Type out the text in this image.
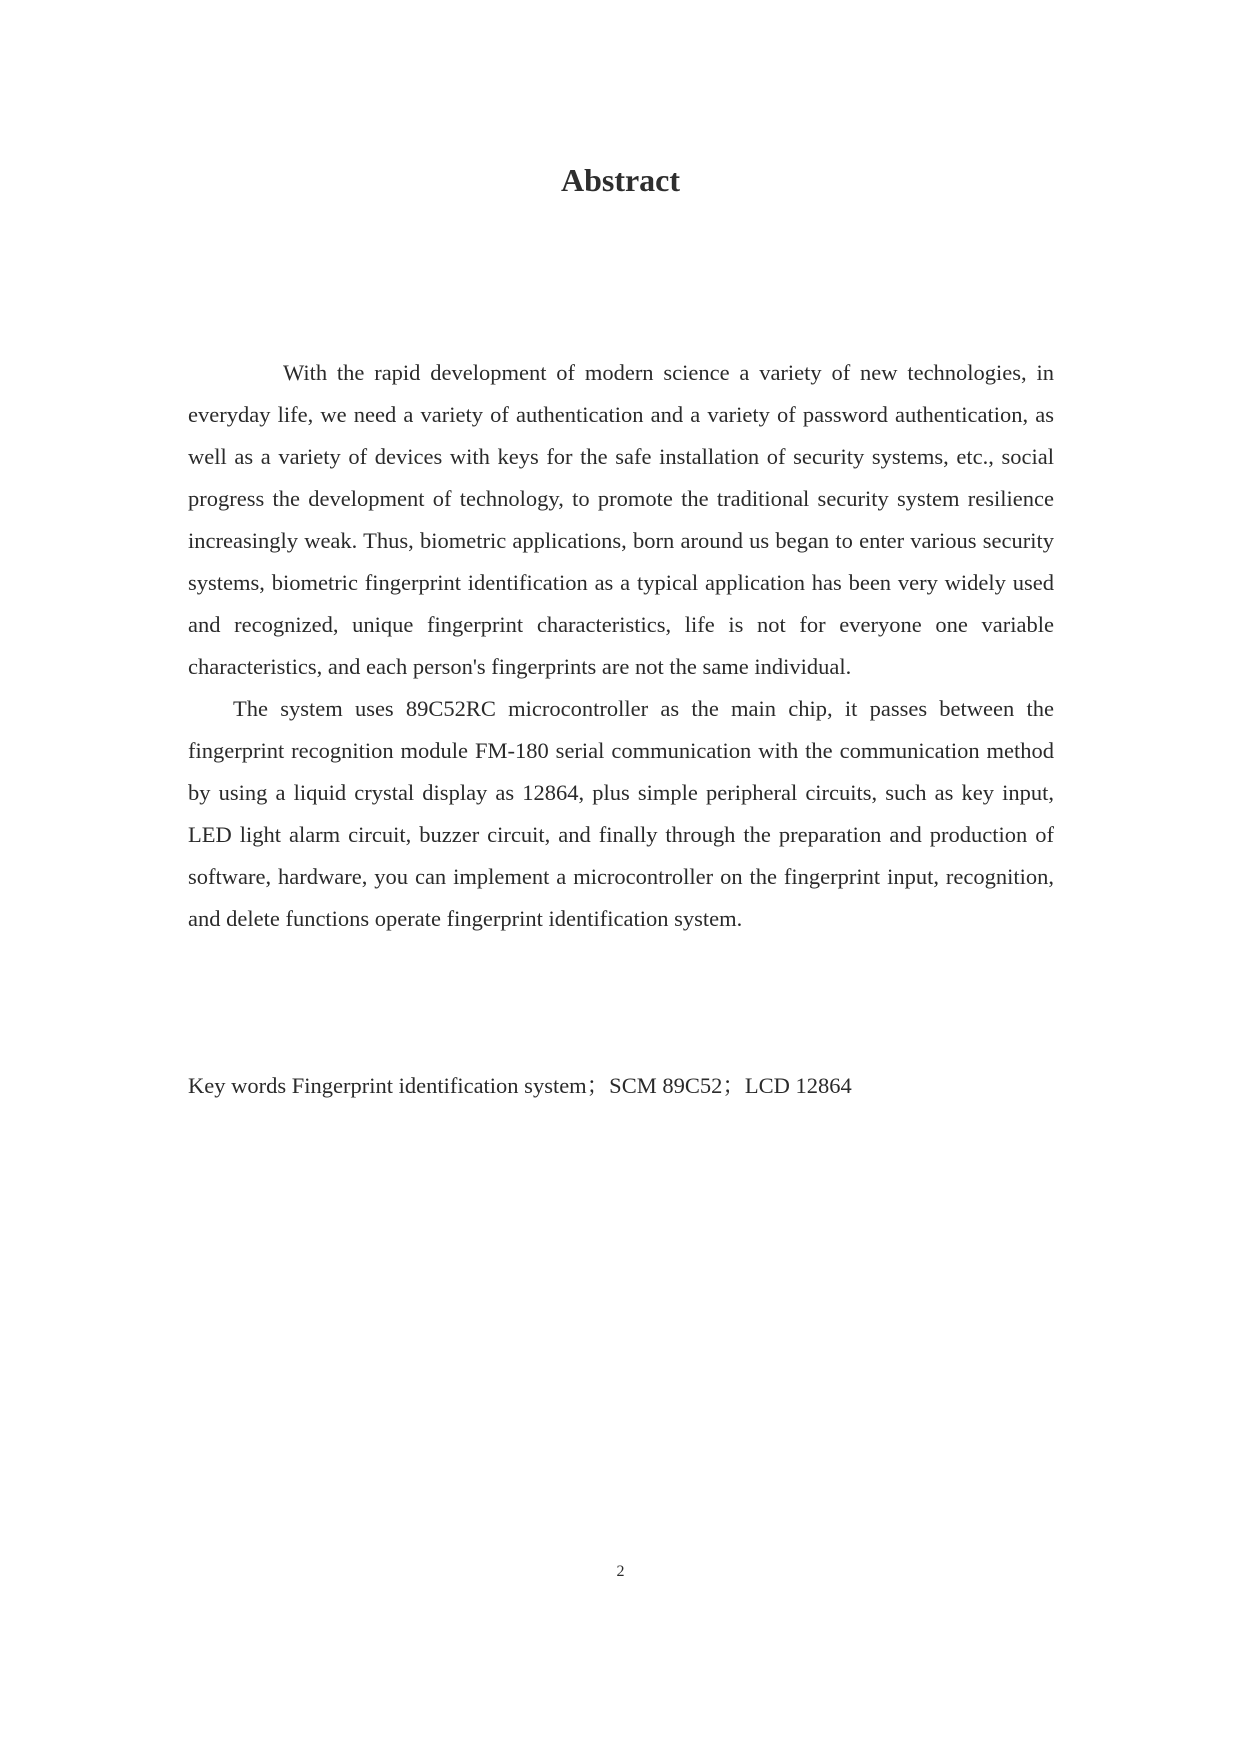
Abstract

With the rapid development of modern science a variety of new technologies, in everyday life, we need a variety of authentication and a variety of password authentication, as well as a variety of devices with keys for the safe installation of security systems, etc., social progress the development of technology, to promote the traditional security system resilience increasingly weak. Thus, biometric applications, born around us began to enter various security systems, biometric fingerprint identification as a typical application has been very widely used and recognized, unique fingerprint characteristics, life is not for everyone one variable characteristics, and each person's fingerprints are not the same individual.

The system uses 89C52RC microcontroller as the main chip, it passes between the fingerprint recognition module FM-180 serial communication with the communication method by using a liquid crystal display as 12864, plus simple peripheral circuits, such as key input, LED light alarm circuit, buzzer circuit, and finally through the preparation and production of software, hardware, you can implement a microcontroller on the fingerprint input, recognition, and delete functions operate fingerprint identification system.

Key words Fingerprint identification system；SCM 89C52；LCD 12864
2
